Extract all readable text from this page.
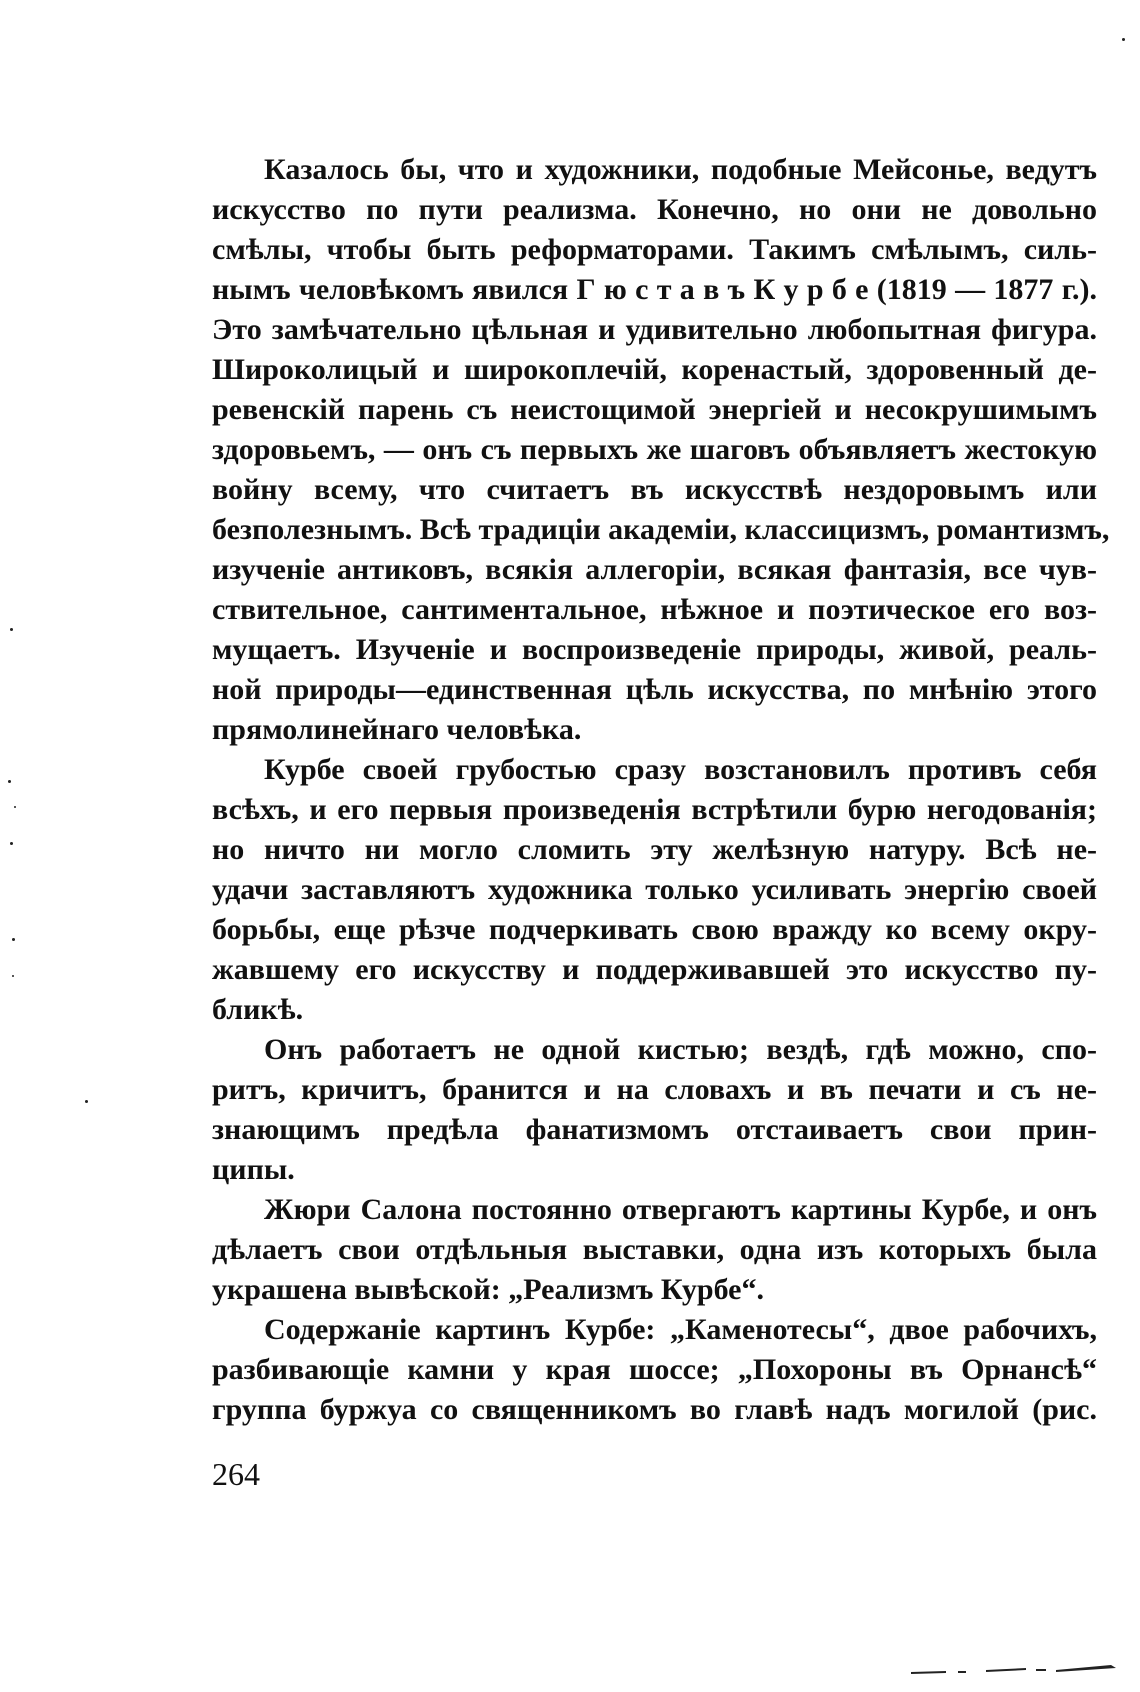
Казалось бы, что и художники, подобные Мейсонье, ведутъ
искусство по пути реализма. Конечно, но они не довольно
смѣлы, чтобы быть реформаторами. Такимъ смѣлымъ, силь-
нымъ человѣкомъ явился Г ю с т а в ъ К у р б е (1819 — 1877 г.).
Это замѣчательно цѣльная и удивительно любопытная фигура.
Широколицый и широкоплечій, коренастый, здоровенный де-
ревенскій парень съ неистощимой энергіей и несокрушимымъ
здоровьемъ, — онъ съ первыхъ же шаговъ объявляетъ жестокую
войну всему, что считаетъ въ искусствѣ нездоровымъ или
безполезнымъ. Всѣ традиціи академіи, классицизмъ, романтизмъ,
изученіе антиковъ, всякія аллегоріи, всякая фантазія, все чув-
ствительное, сантиментальное, нѣжное и поэтическое его воз-
мущаетъ. Изученіе и воспроизведеніе природы, живой, реаль-
ной природы—единственная цѣль искусства, по мнѣнію этого
прямолинейнаго человѣка.
Курбе своей грубостью сразу возстановилъ противъ себя
всѣхъ, и его первыя произведенія встрѣтили бурю негодованія;
но ничто ни могло сломить эту желѣзную натуру. Всѣ не-
удачи заставляютъ художника только усиливать энергію своей
борьбы, еще рѣзче подчеркивать свою вражду ко всему окру-
жавшему его искусству и поддерживавшей это искусство пу-
бликѣ.
Онъ работаетъ не одной кистью; вездѣ, гдѣ можно, спо-
ритъ, кричитъ, бранится и на словахъ и въ печати и съ не-
знающимъ предѣла фанатизмомъ отстаиваетъ свои прин-
ципы.
Жюри Салона постоянно отвергаютъ картины Курбе, и онъ
дѣлаетъ свои отдѣльныя выставки, одна изъ которыхъ была
украшена вывѣской: „Реализмъ Курбе“.
Содержаніе картинъ Курбе: „Каменотесы“, двое рабочихъ,
разбивающіе камни у края шоссе; „Похороны въ Орнансѣ“
группа буржуа со священникомъ во главѣ надъ могилой (рис.
264
